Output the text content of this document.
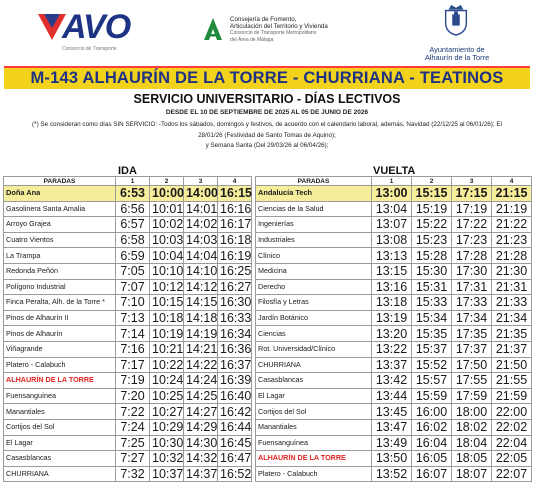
AVO
Consorcio de Transporte
Consejería de Fomento,
Articulación del Territorio y Vivienda
Consorcio de Transporte Metropolitano
del Área de Málaga
Ayuntamiento de
Alhaurín de la Torre
M-143 ALHAURÍN DE LA TORRE - CHURRIANA - TEATINOS
SERVICIO UNIVERSITARIO - DÍAS LECTIVOS
DESDE EL 10 DE SEPTIEMBRE DE 2025 AL 05 DE JUNIO DE 2026
(*) Se consideran como días SIN SERVICIO: -Todos los sábados, domingos y festivos, de acuerdo con el calendario laboral, además, Navidad (22/12/25 al 06/01/26); El
28/01/26 (Festividad de Santo Tomas de Aquino);
y Semana Santa (Del 29/03/26 al 06/04/26);
IDA	VUELTA
PARADAS	1	2	3	4
Doña Ana	6:53	10:00	14:00	16:15
Gasolinera Santa Amalia	6:56	10:01	14:01	16:16
Arroyo Grajea	6:57	10:02	14:02	16:17
Cuatro Vientos	6:58	10:03	14:03	16:18
La Trampa	6:59	10:04	14:04	16:19
Redonda Peñón	7:05	10:10	14:10	16:25
Polígono Industrial	7:07	10:12	14:12	16:27
Finca Peralta, Alh. de la Torre *	7:10	10:15	14:15	16:30
Pinos de Alhaurín II	7:13	10:18	14:18	16:33
Pinos de Alhaurín	7:14	10:19	14:19	16:34
Viñagrande	7:16	10:21	14:21	16:36
Platero - Calabuch	7:17	10:22	14:22	16:37
ALHAURÍN DE LA TORRE	7:19	10:24	14:24	16:39
Fuensanguínea	7:20	10:25	14:25	16:40
Manantiales	7:22	10:27	14:27	16:42
Cortijos del Sol	7:24	10:29	14:29	16:44
El Lagar	7:25	10:30	14:30	16:45
Casasblancas	7:27	10:32	14:32	16:47
CHURRIANA	7:32	10:37	14:37	16:52
PARADAS	1	2	3	4
Andalucía Tech	13:00	15:15	17:15	21:15
Ciencias de la Salud	13:04	15:19	17:19	21:19
Ingenierías	13:07	15:22	17:22	21:22
Industriales	13:08	15:23	17:23	21:23
Clínico	13:13	15:28	17:28	21:28
Medicina	13:15	15:30	17:30	21:30
Derecho	13:16	15:31	17:31	21:31
Filosfía y Letras	13:18	15:33	17:33	21:33
Jardín Botánico	13:19	15:34	17:34	21:34
Ciencias	13:20	15:35	17:35	21:35
Rot. Universidad/Clínico	13:22	15:37	17:37	21:37
CHURRIANA	13:37	15:52	17:50	21:50
Casasblancas	13:42	15:57	17:55	21:55
El Lagar	13:44	15:59	17:59	21:59
Cortijos del Sol	13:45	16:00	18:00	22:00
Manantiales	13:47	16:02	18:02	22:02
Fuensanguínea	13:49	16:04	18:04	22:04
ALHAURÍN DE LA TORRE	13:50	16:05	18:05	22:05
Platero - Calabuch	13:52	16:07	18:07	22:07
